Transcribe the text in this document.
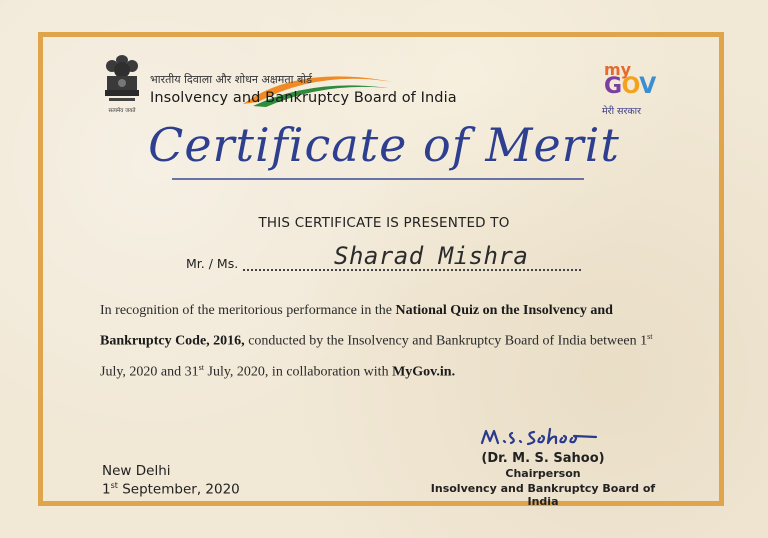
सत्यमेव जयते
भारतीय दिवाला और शोधन अक्षमता बोर्ड
Insolvency and Bankruptcy Board of India
my
GOV
मेरी सरकार
Certificate of Merit
THIS CERTIFICATE IS PRESENTED TO
Mr. / Ms.	Sharad Mishra
In recognition of the meritorious performance in the National Quiz on the Insolvency and Bankruptcy Code, 2016, conducted by the Insolvency and Bankruptcy Board of India between 1st July, 2020 and 31st July, 2020, in collaboration with MyGov.in.
New Delhi
1st September, 2020
(Dr. M. S. Sahoo)
Chairperson
Insolvency and Bankruptcy Board of India
